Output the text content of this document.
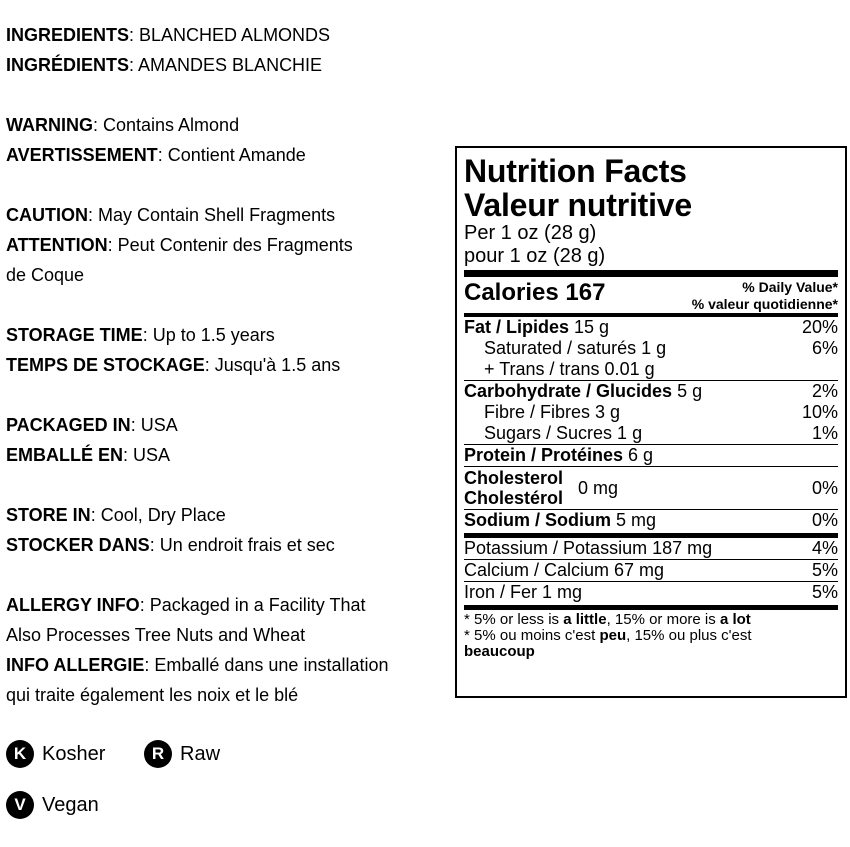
INGREDIENTS: BLANCHED ALMONDS

INGRÉDIENTS: AMANDES BLANCHIE

WARNING: Contains Almond

AVERTISSEMENT: Contient Amande

CAUTION: May Contain Shell Fragments

ATTENTION: Peut Contenir des Fragments

de Coque

STORAGE TIME: Up to 1.5 years

TEMPS DE STOCKAGE: Jusqu'à 1.5 ans

PACKAGED IN: USA

EMBALLÉ EN: USA

STORE IN: Cool, Dry Place

STOCKER DANS: Un endroit frais et sec

ALLERGY INFO: Packaged in a Facility That

Also Processes Tree Nuts and Wheat

INFO ALLERGIE: Emballé dans une installation

qui traite également les noix et le blé

K Kosher	R Raw
V Vegan
Nutrition Facts
Valeur nutritive
Per 1 oz (28 g)
pour 1 oz (28 g)
Calories 167	% Daily Value*
% valeur quotidienne*
Fat / Lipides 15 g	20%
Saturated / saturés 1 g	6%
+ Trans / trans 0.01 g
Carbohydrate / Glucides 5 g	2%
Fibre / Fibres 3 g	10%
Sugars / Sucres 1 g	1%
Protein / Protéines 6 g
Cholesterol
Cholestérol 0 mg	0%
Sodium / Sodium 5 mg	0%
Potassium / Potassium 187 mg	4%
Calcium / Calcium 67 mg	5%
Iron / Fer 1 mg	5%
* 5% or less is a little, 15% or more is a lot
* 5% ou moins c'est peu, 15% ou plus c'est
beaucoup
